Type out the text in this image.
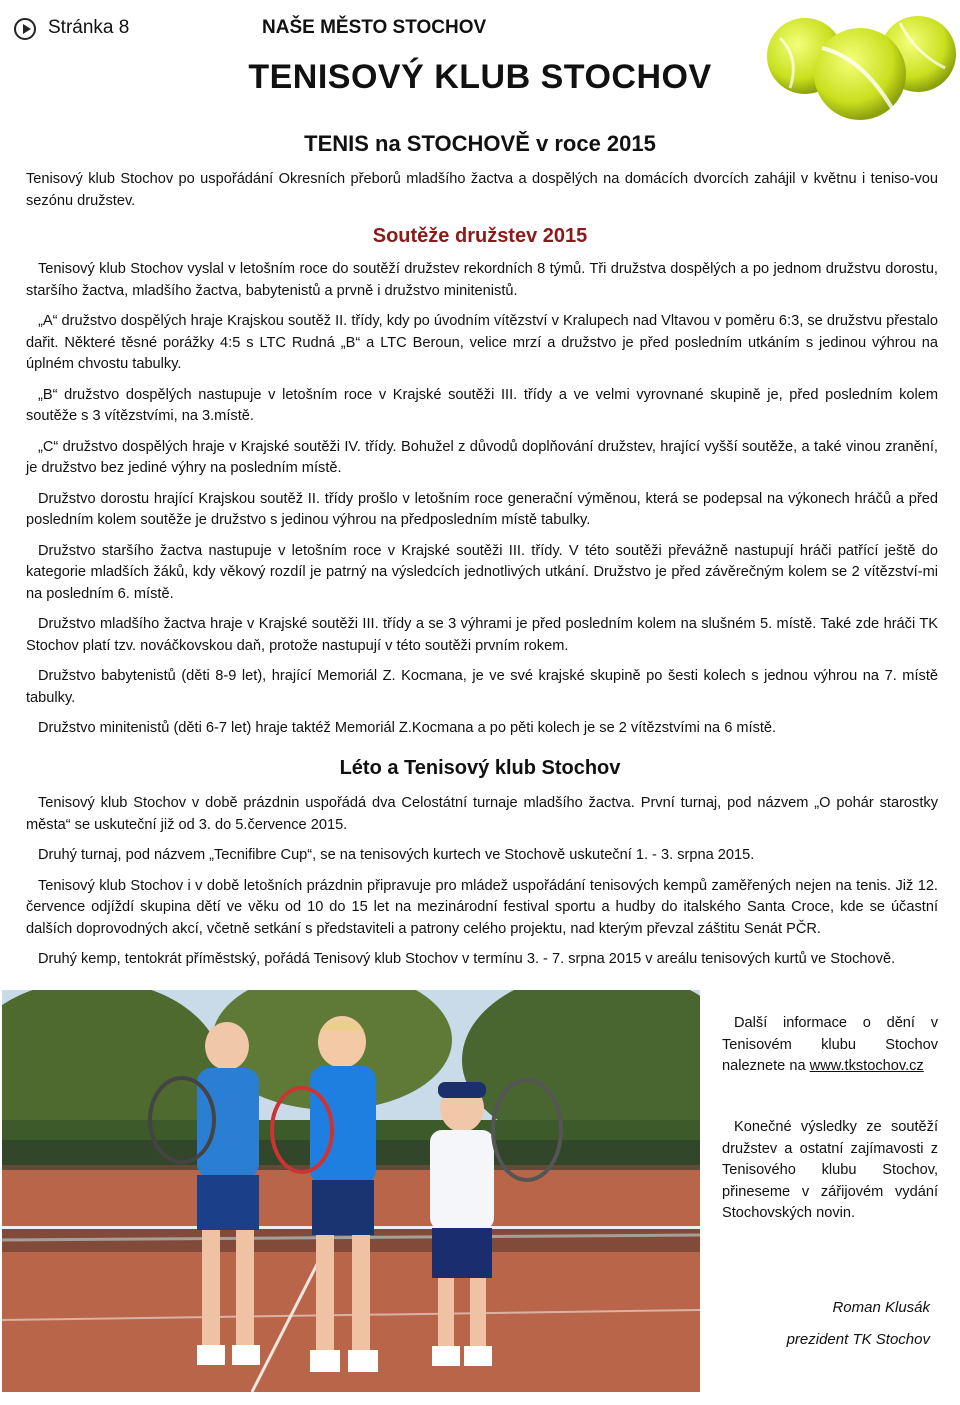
Stránka 8	NAŠE MĚSTO STOCHOV
TENISOVÝ KLUB STOCHOV
TENIS na STOCHOVĚ v roce 2015
Tenisový klub Stochov po uspořádání Okresních přeborů mladšího žactva a dospělých na domácích dvorcích zahájil v květnu i teniso-vou sezónu družstev.
Soutěže družstev 2015

Tenisový klub Stochov vyslal v letošním roce do soutěží družstev rekordních 8 týmů. Tři družstva dospělých a po jednom družstvu dorostu, staršího žactva, mladšího žactva, babytenistů a prvně i družstvo minitenistů.

„A“ družstvo dospělých hraje Krajskou soutěž II. třídy, kdy po úvodním vítězství v Kralupech nad Vltavou v poměru 6:3, se družstvu přestalo dařit. Některé těsné porážky 4:5 s LTC Rudná „B“ a LTC Beroun, velice mrzí a družstvo je před posledním utkáním s jedinou výhrou na úplném chvostu tabulky.

„B“ družstvo dospělých nastupuje v letošním roce v Krajské soutěži III. třídy a ve velmi vyrovnané skupině je, před posledním kolem soutěže s 3 vítězstvími, na 3.místě.

„C“ družstvo dospělých hraje v Krajské soutěži IV. třídy. Bohužel z důvodů doplňování družstev, hrající vyšší soutěže, a také vinou zranění, je družstvo bez jediné výhry na posledním místě.

Družstvo dorostu hrající Krajskou soutěž II. třídy prošlo v letošním roce generační výměnou, která se podepsal na výkonech hráčů a před posledním kolem soutěže je družstvo s jedinou výhrou na předposledním místě tabulky.

Družstvo staršího žactva nastupuje v letošním roce v Krajské soutěži III. třídy. V této soutěži převážně nastupují hráči patřící ještě do kategorie mladších žáků, kdy věkový rozdíl je patrný na výsledcích jednotlivých utkání. Družstvo je před závěrečným kolem se 2 vítězství-mi na posledním 6. místě.

Družstvo mladšího žactva hraje v Krajské soutěži III. třídy a se 3 výhrami je před posledním kolem na slušném 5. místě. Také zde hráči TK Stochov platí tzv. nováčkovskou daň, protože nastupují v této soutěži prvním rokem.

Družstvo babytenistů (děti 8-9 let), hrající Memoriál Z. Kocmana, je ve své krajské skupině po šesti kolech s jednou výhrou na 7. místě tabulky.

Družstvo minitenistů (děti 6-7 let) hraje taktéž Memoriál Z.Kocmana a po pěti kolech je se 2 vítězstvími na 6 místě.

Léto a Tenisový klub Stochov

Tenisový klub Stochov v době prázdnin uspořádá dva Celostátní turnaje mladšího žactva. První turnaj, pod názvem „O pohár starostky města“ se uskuteční již od 3. do 5.července 2015.

Druhý turnaj, pod názvem „Tecnifibre Cup“, se na tenisových kurtech ve Stochově uskuteční 1. - 3. srpna 2015.

Tenisový klub Stochov i v době letošních prázdnin připravuje pro mládež uspořádání tenisových kempů zaměřených nejen na tenis. Již 12. července odjíždí skupina dětí ve věku od 10 do 15 let na mezinárodní festival sportu a hudby do italského Santa Croce, kde se účastní dalších doprovodných akcí, včetně setkání s představiteli a patrony celého projektu, nad kterým převzal záštitu Senát PČR.

Druhý kemp, tentokrát příměstský, pořádá Tenisový klub Stochov v termínu 3. - 7. srpna 2015 v areálu tenisových kurtů ve Stochově.

Další informace o dění v Tenisovém klubu Stochov naleznete na www.tkstochov.cz
Konečné výsledky ze soutěží družstev a ostatní zajímavosti z Tenisového klubu Stochov, přineseme v zářijovém vydání Stochovských novin.
Roman Klusák
prezident TK Stochov
